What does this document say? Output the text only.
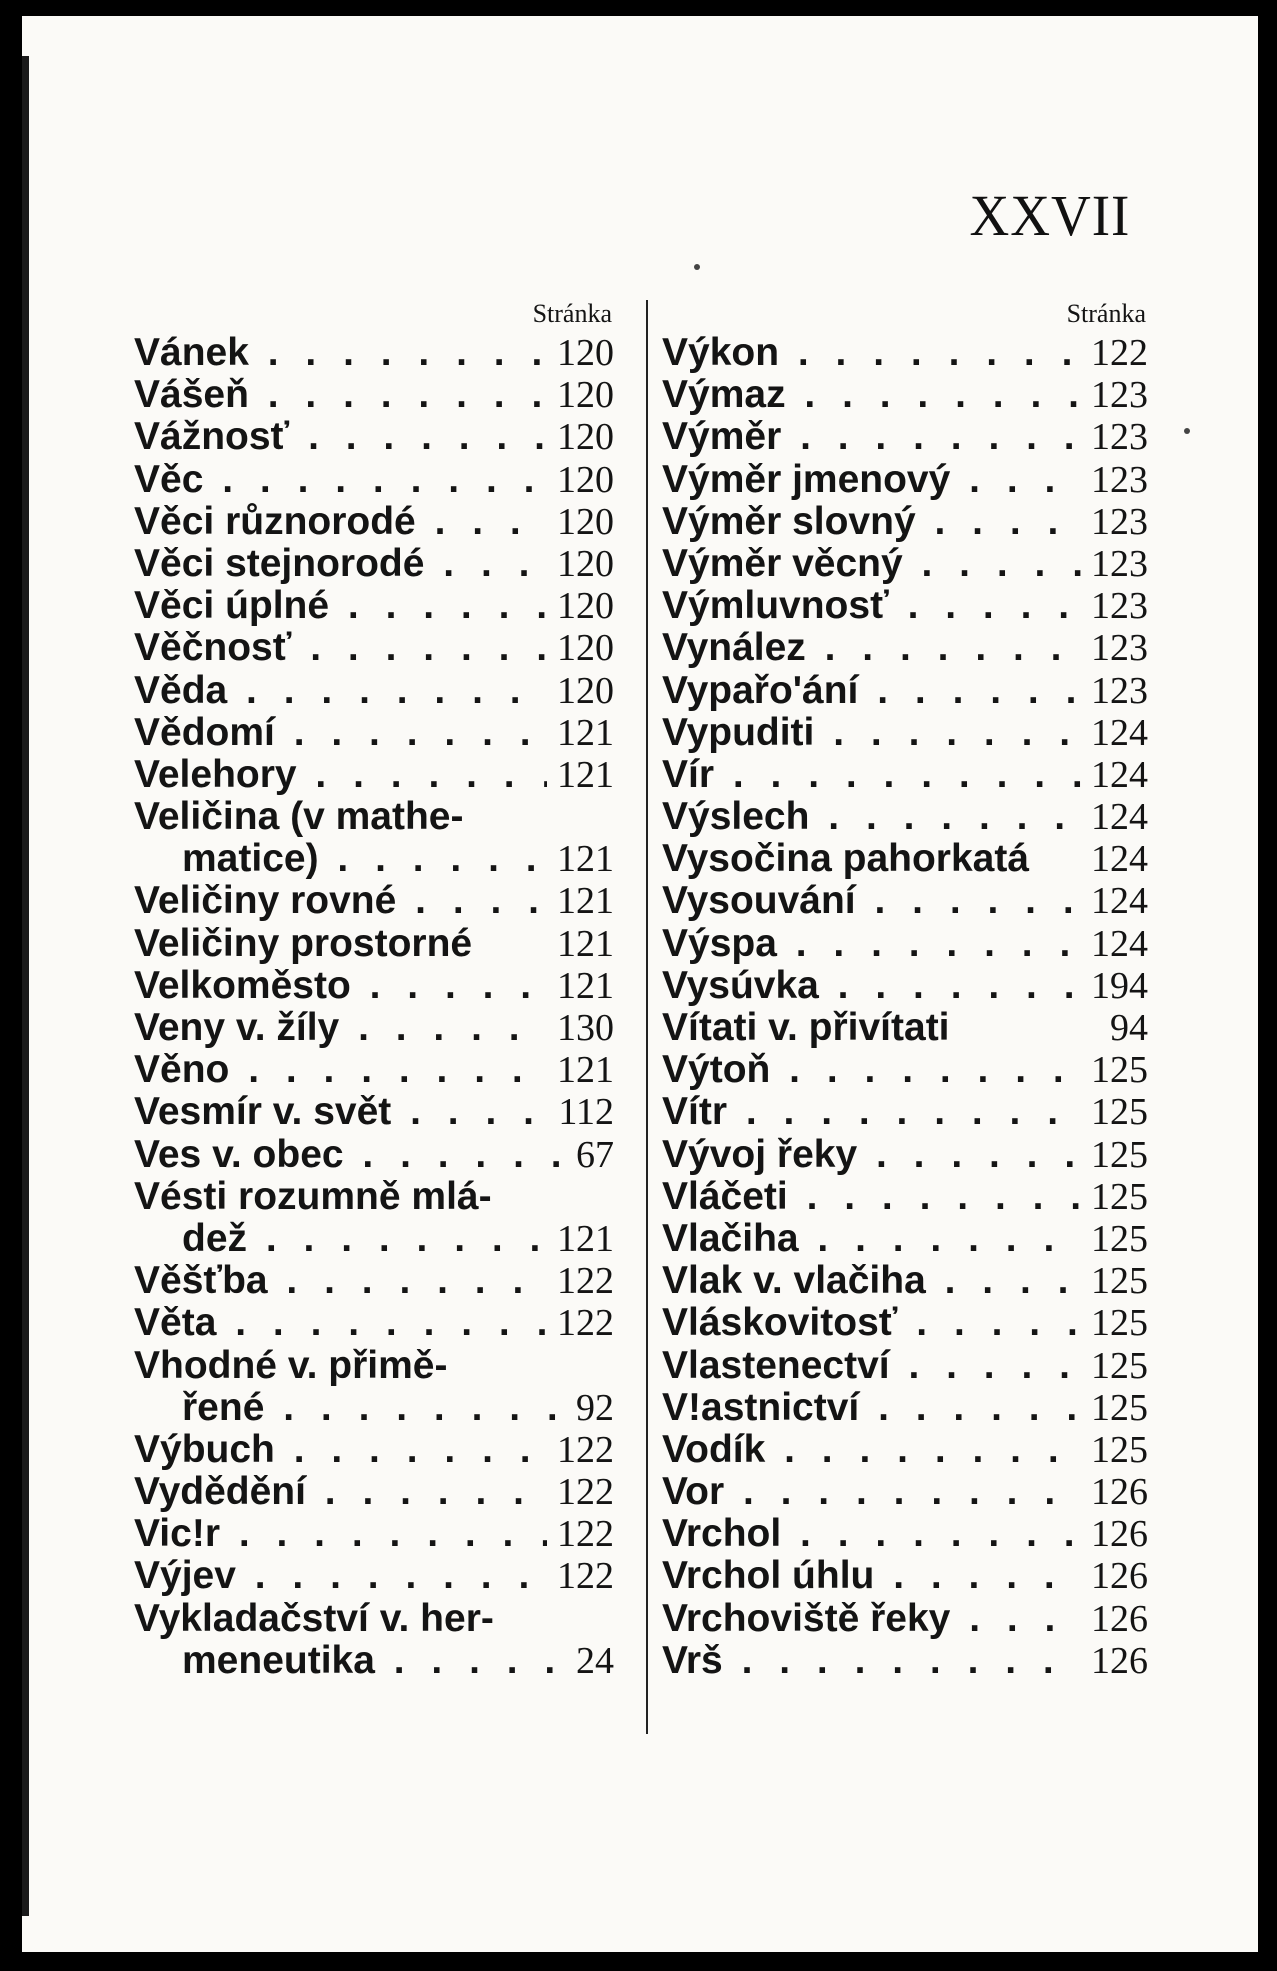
XXVII
Stránka
Vánek . . .	120
Vášeň . . .	120
Vážnosť . . .	120
Věc . . .	120
Věci různorodé . . .	120
Věci stejnorodé . . .	120
Věci úplné . . .	120
Věčnosť . . .	120
Věda . . .	120
Vědomí . . .	121
Velehory . . .	121
Veličina (v mathe-
matice) . . .	121
Veličiny rovné . . .	121
Veličiny prostorné	121
Velkoměsto . . .	121
Veny v. žíly . . .	130
Věno . . .	121
Vesmír v. svět . . .	112
Ves v. obec . . .	67
Vésti rozumně mlá-
dež . . .	121
Věšťba . . .	122
Věta . . .	122
Vhodné v. přimě-
řené . . .	92
Výbuch . . .	122
Vydědění . . .	122
Vic!r . . .	122
Výjev . . .	122
Vykladačství v. her-
meneutika . . .	24
Stránka
Výkon . . .	122
Výmaz . . .	123
Výměr . . .	123
Výměr jmenový . . .	123
Výměr slovný . . .	123
Výměr věcný . . .	123
Výmluvnosť . . .	123
Vynález . . .	123
Vypařo'ání . . .	123
Vypuditi . . .	124
Vír . . .	124
Výslech . . .	124
Vysočina pahorkatá	124
Vysouvání . . .	124
Výspa . . .	124
Vysúvka . . .	194
Vítati v. přivítati	94
Výtoň . . .	125
Vítr . . .	125
Vývoj řeky . . .	125
Vláčeti . . .	125
Vlačiha . . .	125
Vlak v. vlačiha . . .	125
Vláskovitosť . . .	125
Vlastenectví . . .	125
V!astnictví . . .	125
Vodík . . .	125
Vor . . .	126
Vrchol . . .	126
Vrchol úhlu . . .	126
Vrchoviště řeky . . .	126
Vrš . . .	126
